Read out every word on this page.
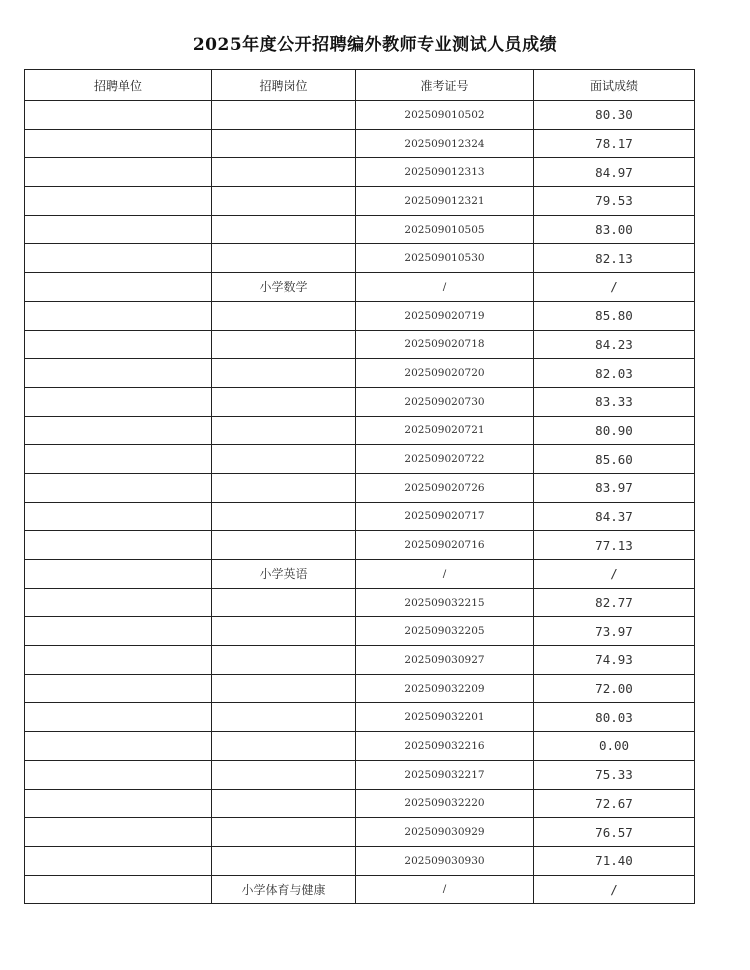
2025年度公开招聘编外教师专业测试人员成绩
招聘单位	招聘岗位	准考证号	面试成绩
		202509010502	80.30
		202509012324	78.17
		202509012313	84.97
		202509012321	79.53
		202509010505	83.00
		202509010530	82.13
	小学数学	/	/
		202509020719	85.80
		202509020718	84.23
		202509020720	82.03
		202509020730	83.33
		202509020721	80.90
		202509020722	85.60
		202509020726	83.97
		202509020717	84.37
		202509020716	77.13
	小学英语	/	/
		202509032215	82.77
		202509032205	73.97
		202509030927	74.93
		202509032209	72.00
		202509032201	80.03
		202509032216	0.00
		202509032217	75.33
		202509032220	72.67
		202509030929	76.57
		202509030930	71.40
	小学体育与健康	/	/
